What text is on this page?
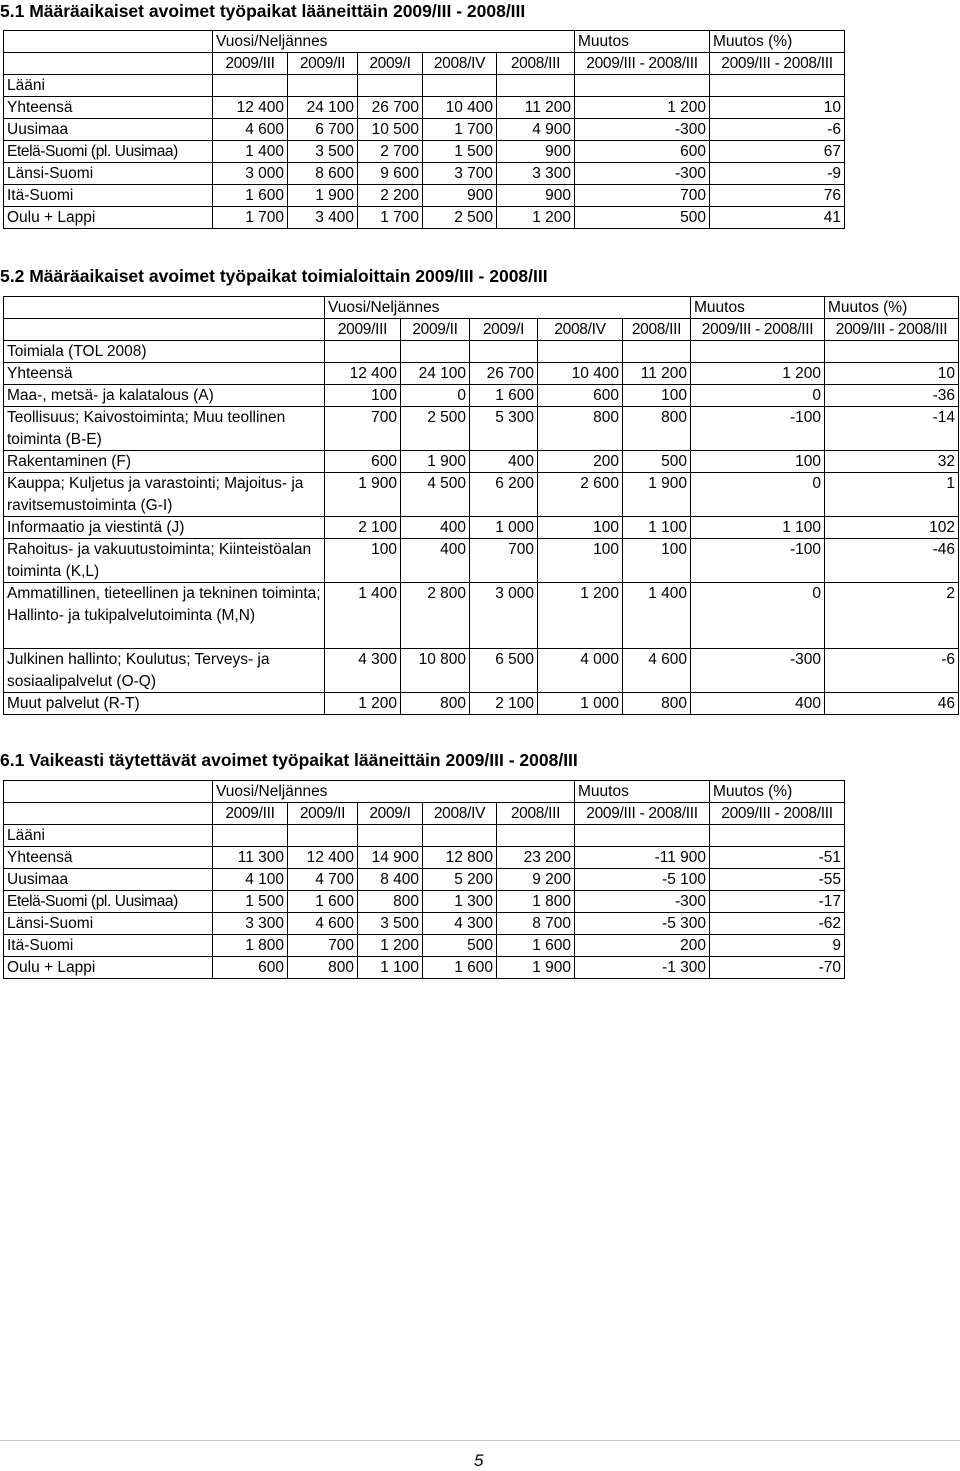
5.1 Määräaikaiset avoimet työpaikat lääneittäin 2009/III - 2008/III
	Vuosi/Neljännes					Muutos	Muutos (%)
	2009/III	2009/II	2009/I	2008/IV	2008/III	2009/III - 2008/III	2009/III - 2008/III
Lääni							
Yhteensä	12 400	24 100	26 700	10 400	11 200	1 200	10
Uusimaa	4 600	6 700	10 500	1 700	4 900	-300	-6
Etelä-Suomi (pl. Uusimaa)	1 400	3 500	2 700	1 500	900	600	67
Länsi-Suomi	3 000	8 600	9 600	3 700	3 300	-300	-9
Itä-Suomi	1 600	1 900	2 200	900	900	700	76
Oulu + Lappi	1 700	3 400	1 700	2 500	1 200	500	41
5.2 Määräaikaiset avoimet työpaikat toimialoittain 2009/III - 2008/III
	Vuosi/Neljännes					Muutos	Muutos (%)
	2009/III	2009/II	2009/I	2008/IV	2008/III	2009/III - 2008/III	2009/III - 2008/III
Toimiala (TOL 2008)							
Yhteensä	12 400	24 100	26 700	10 400	11 200	1 200	10
Maa-, metsä- ja kalatalous (A)	100	0	1 600	600	100	0	-36
Teollisuus; Kaivostoiminta; Muu teollinen toiminta (B-E)	700	2 500	5 300	800	800	-100	-14
Rakentaminen (F)	600	1 900	400	200	500	100	32
Kauppa; Kuljetus ja varastointi; Majoitus- ja ravitsemustoiminta (G-I)	1 900	4 500	6 200	2 600	1 900	0	1
Informaatio ja viestintä (J)	2 100	400	1 000	100	1 100	1 100	102
Rahoitus- ja vakuutustoiminta; Kiinteistöalan toiminta (K,L)	100	400	700	100	100	-100	-46
Ammatillinen, tieteellinen ja tekninen toiminta; Hallinto- ja tukipalvelutoiminta (M,N)	1 400	2 800	3 000	1 200	1 400	0	2
Julkinen hallinto; Koulutus; Terveys- ja sosiaalipalvelut (O-Q)	4 300	10 800	6 500	4 000	4 600	-300	-6
Muut palvelut (R-T)	1 200	800	2 100	1 000	800	400	46
6.1 Vaikeasti täytettävät avoimet työpaikat lääneittäin 2009/III - 2008/III
	Vuosi/Neljännes					Muutos	Muutos (%)
	2009/III	2009/II	2009/I	2008/IV	2008/III	2009/III - 2008/III	2009/III - 2008/III
Lääni							
Yhteensä	11 300	12 400	14 900	12 800	23 200	-11 900	-51
Uusimaa	4 100	4 700	8 400	5 200	9 200	-5 100	-55
Etelä-Suomi (pl. Uusimaa)	1 500	1 600	800	1 300	1 800	-300	-17
Länsi-Suomi	3 300	4 600	3 500	4 300	8 700	-5 300	-62
Itä-Suomi	1 800	700	1 200	500	1 600	200	9
Oulu + Lappi	600	800	1 100	1 600	1 900	-1 300	-70
5
